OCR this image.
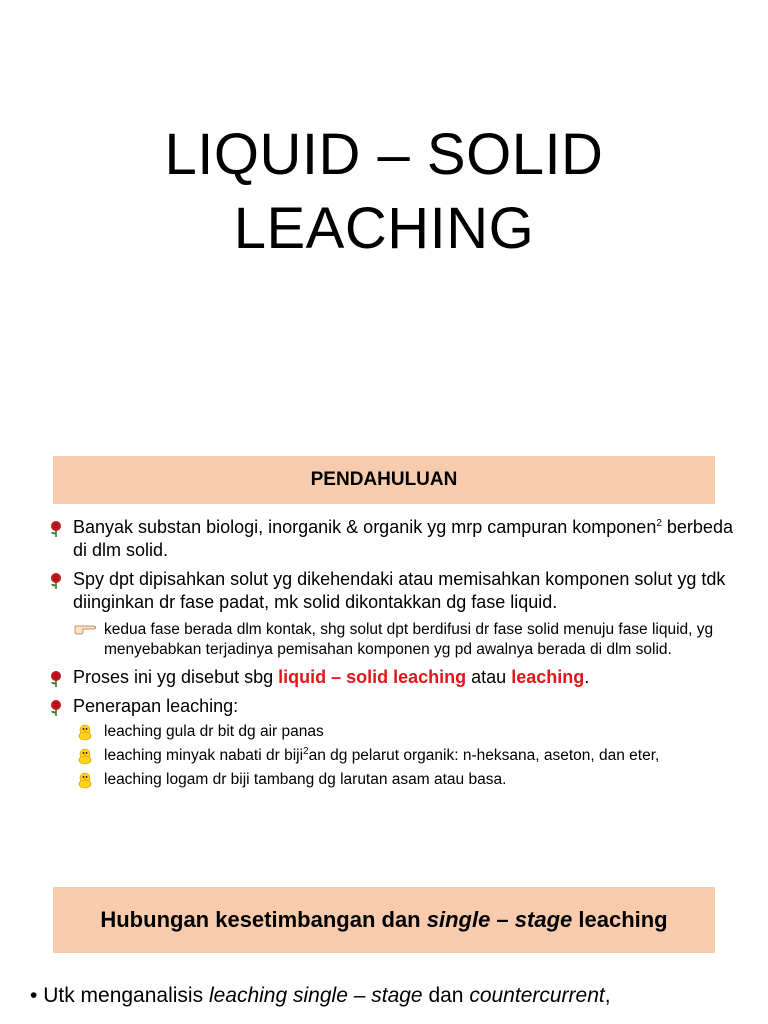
LIQUID – SOLID
LEACHING
PENDAHULUAN
Banyak substan biologi, inorganik & organik yg mrp campuran komponen$^2$ berbeda di dlm solid.
Spy dpt dipisahkan solut yg dikehendaki atau memisahkan komponen solut yg tdk diinginkan dr fase padat, mk solid dikontakkan dg fase liquid.
kedua fase berada dlm kontak, shg solut dpt berdifusi dr fase solid menuju fase liquid, yg menyebabkan terjadinya pemisahan komponen yg pd awalnya berada di dlm solid.
Proses ini yg disebut sbg liquid – solid leaching atau leaching.
Penerapan leaching:
leaching gula dr bit dg air panas
leaching minyak nabati dr biji$^2$an dg pelarut organik: n-heksana, aseton, dan eter,
leaching logam dr biji tambang dg larutan asam atau basa.
Hubungan kesetimbangan dan single – stage leaching
• Utk menganalisis leaching single – stage dan countercurrent,
